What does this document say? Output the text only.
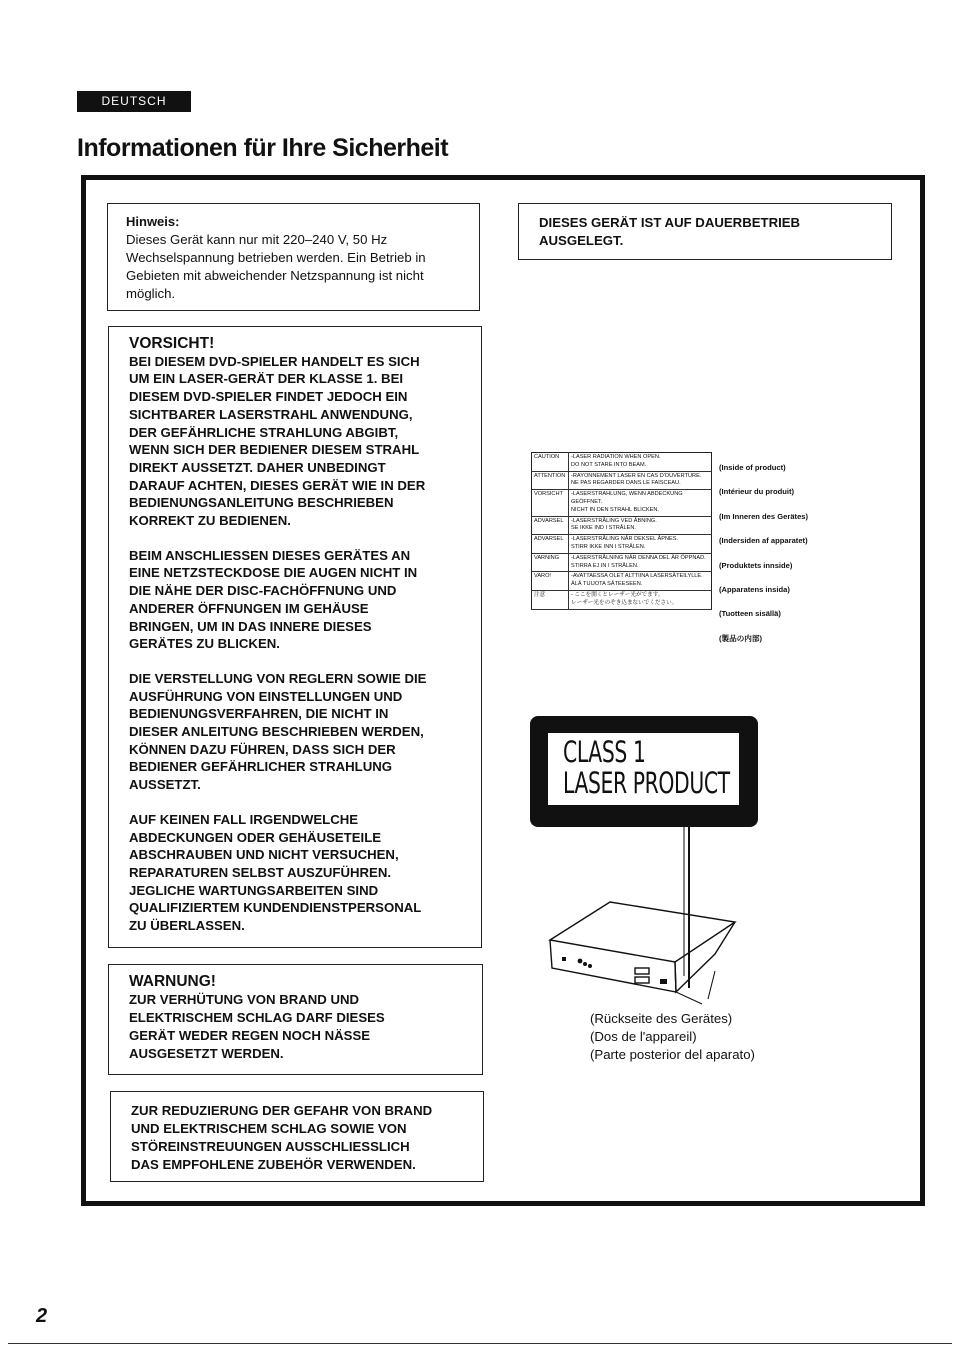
DEUTSCH
Informationen für Ihre Sicherheit
Hinweis:
Dieses Gerät kann nur mit 220–240 V, 50 Hz
Wechselspannung betrieben werden. Ein Betrieb in
Gebieten mit abweichender Netzspannung ist nicht
möglich.
DIESES GERÄT IST AUF DAUERBETRIEB
AUSGELEGT.
VORSICHT!

BEI DIESEM DVD-SPIELER HANDELT ES SICH
UM EIN LASER-GERÄT DER KLASSE 1. BEI
DIESEM DVD-SPIELER FINDET JEDOCH EIN
SICHTBARER LASERSTRAHL ANWENDUNG,
DER GEFÄHRLICHE STRAHLUNG ABGIBT,
WENN SICH DER BEDIENER DIESEM STRAHL
DIREKT AUSSETZT. DAHER UNBEDINGT
DARAUF ACHTEN, DIESES GERÄT WIE IN DER
BEDIENUNGSANLEITUNG BESCHRIEBEN
KORREKT ZU BEDIENEN.

BEIM ANSCHLIESSEN DIESES GERÄTES AN
EINE NETZSTECKDOSE DIE AUGEN NICHT IN
DIE NÄHE DER DISC-FACHÖFFNUNG UND
ANDERER ÖFFNUNGEN IM GEHÄUSE
BRINGEN, UM IN DAS INNERE DIESES
GERÄTES ZU BLICKEN.

DIE VERSTELLUNG VON REGLERN SOWIE DIE
AUSFÜHRUNG VON EINSTELLUNGEN UND
BEDIENUNGSVERFAHREN, DIE NICHT IN
DIESER ANLEITUNG BESCHRIEBEN WERDEN,
KÖNNEN DAZU FÜHREN, DASS SICH DER
BEDIENER GEFÄHRLICHER STRAHLUNG
AUSSETZT.

AUF KEINEN FALL IRGENDWELCHE
ABDECKUNGEN ODER GEHÄUSETEILE
ABSCHRAUBEN UND NICHT VERSUCHEN,
REPARATUREN SELBST AUSZUFÜHREN.
JEGLICHE WARTUNGSARBEITEN SIND
QUALIFIZIERTEM KUNDENDIENSTPERSONAL
ZU ÜBERLASSEN.

WARNUNG!
ZUR VERHÜTUNG VON BRAND UND
ELEKTRISCHEM SCHLAG DARF DIESES
GERÄT WEDER REGEN NOCH NÄSSE
AUSGESETZT WERDEN.
ZUR REDUZIERUNG DER GEFAHR VON BRAND
UND ELEKTRISCHEM SCHLAG SOWIE VON
STÖREINSTREUUNGEN AUSSCHLIESSLICH
DAS EMPFOHLENE ZUBEHÖR VERWENDEN.
CAUTION	-LASER RADIATION WHEN OPEN.
DO NOT STARE INTO BEAM.
ATTENTION	-RAYONNEMENT LASER EN CAS D'OUVERTURE.
NE PAS REGARDER DANS LE FAISCEAU.
VORSICHT	-LASERSTRAHLUNG, WENN ABDECKUNG GEÖFFNET.
NICHT IN DEN STRAHL BLICKEN.
ADVARSEL	-LASERSTRÅLING VED ÅBNING.
SE IKKE IND I STRÅLEN.
ADVARSEL	-LASERSTRÅLING NÅR DEKSEL ÅPNES.
STIRR IKKE INN I STRÅLEN.
VARNING	-LASERSTRÅLNING NÄR DENNA DEL ÄR ÖPPNAD.
STIRRA EJ IN I STRÅLEN.
VARO!	-AVATTAESSA OLET ALTTIINA LASERSÄTEILYLLE.
ÄLÄ TUIJOTA SÄTEESEEN.
注意	- ここを開くとレーザー光がでます。
レーザー光をのぞき込まないでください。
(Inside of product)
(Intérieur du produit)
(Im Inneren des Gerätes)
(Indersiden af apparatet)
(Produktets innside)
(Apparatens insida)
(Tuotteen sisällä)
(製品の内部)
CLASS 1
LASER PRODUCT
(Rückseite des Gerätes)
(Dos de l'appareil)
(Parte posterior del aparato)
2
